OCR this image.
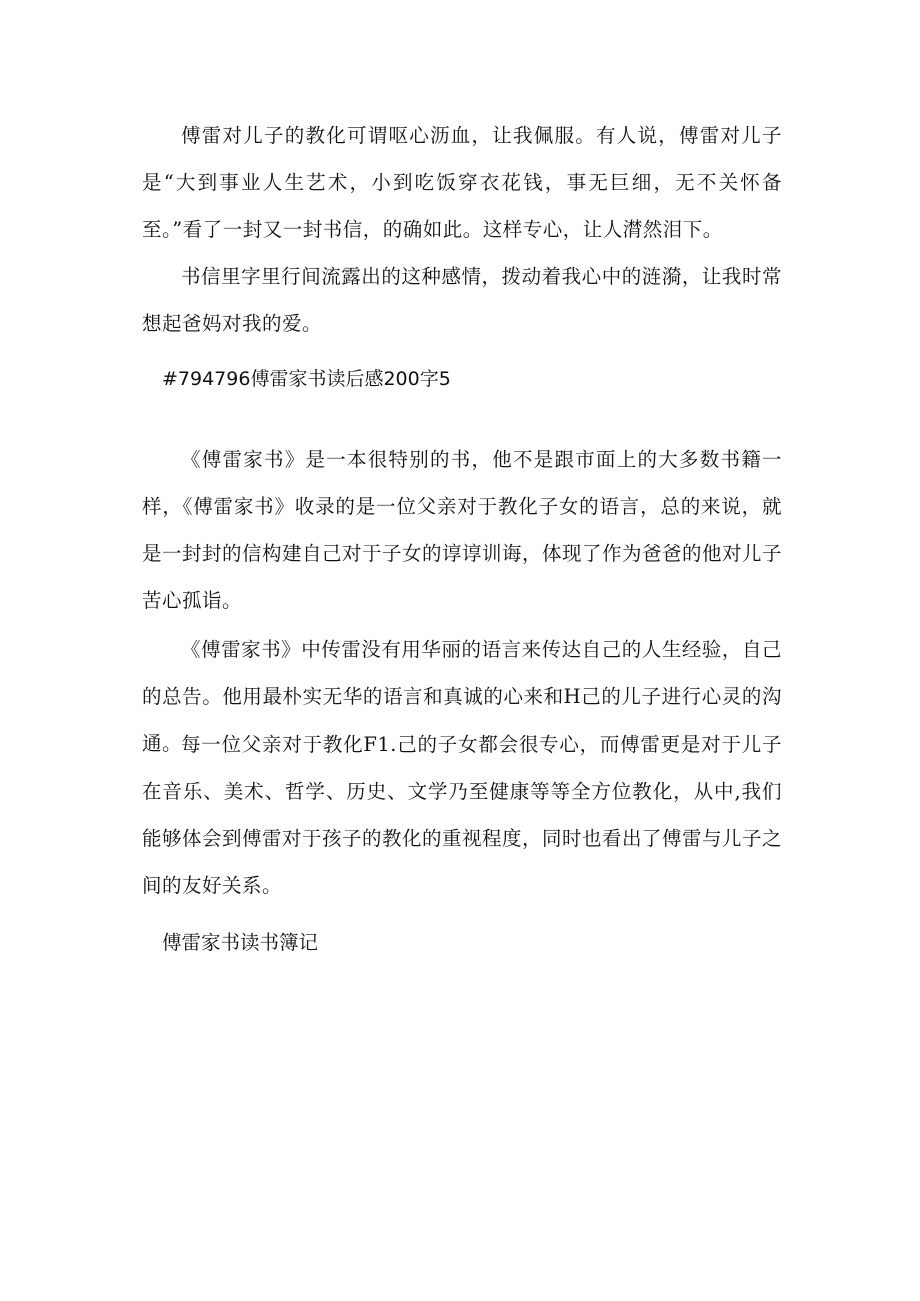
傅雷对儿子的教化可谓呕心沥血，让我佩服。有人说，傅雷对儿子是“大到事业人生艺术，小到吃饭穿衣花钱，事无巨细，无不关怀备至。”看了一封又一封书信，的确如此。这样专心，让人潸然泪下。

书信里字里行间流露出的这种感情，拨动着我心中的涟漪，让我时常想起爸妈对我的爱。

#794796傅雷家书读后感200字5

《傅雷家书》是一本很特别的书，他不是跟市面上的大多数书籍一样，《傅雷家书》收录的是一位父亲对于教化子女的语言，总的来说，就是一封封的信构建自己对于子女的谆谆训诲，体现了作为爸爸的他对儿子苦心孤诣。

《傅雷家书》中传雷没有用华丽的语言来传达自己的人生经验，自己的总告。他用最朴实无华的语言和真诚的心来和H己的儿子进行心灵的沟通。

每一位父亲对于教化F1.己的子女都会很专心，而傅雷更是对于儿子在音乐、美术、哲学、历史、文学乃至健康等等全方位教化，从中,我们能够体会到傅雷对于孩子的教化的重视程度，同时也看出了傅雷与儿子之间的友好关系。

傅雷家书读书簿记
